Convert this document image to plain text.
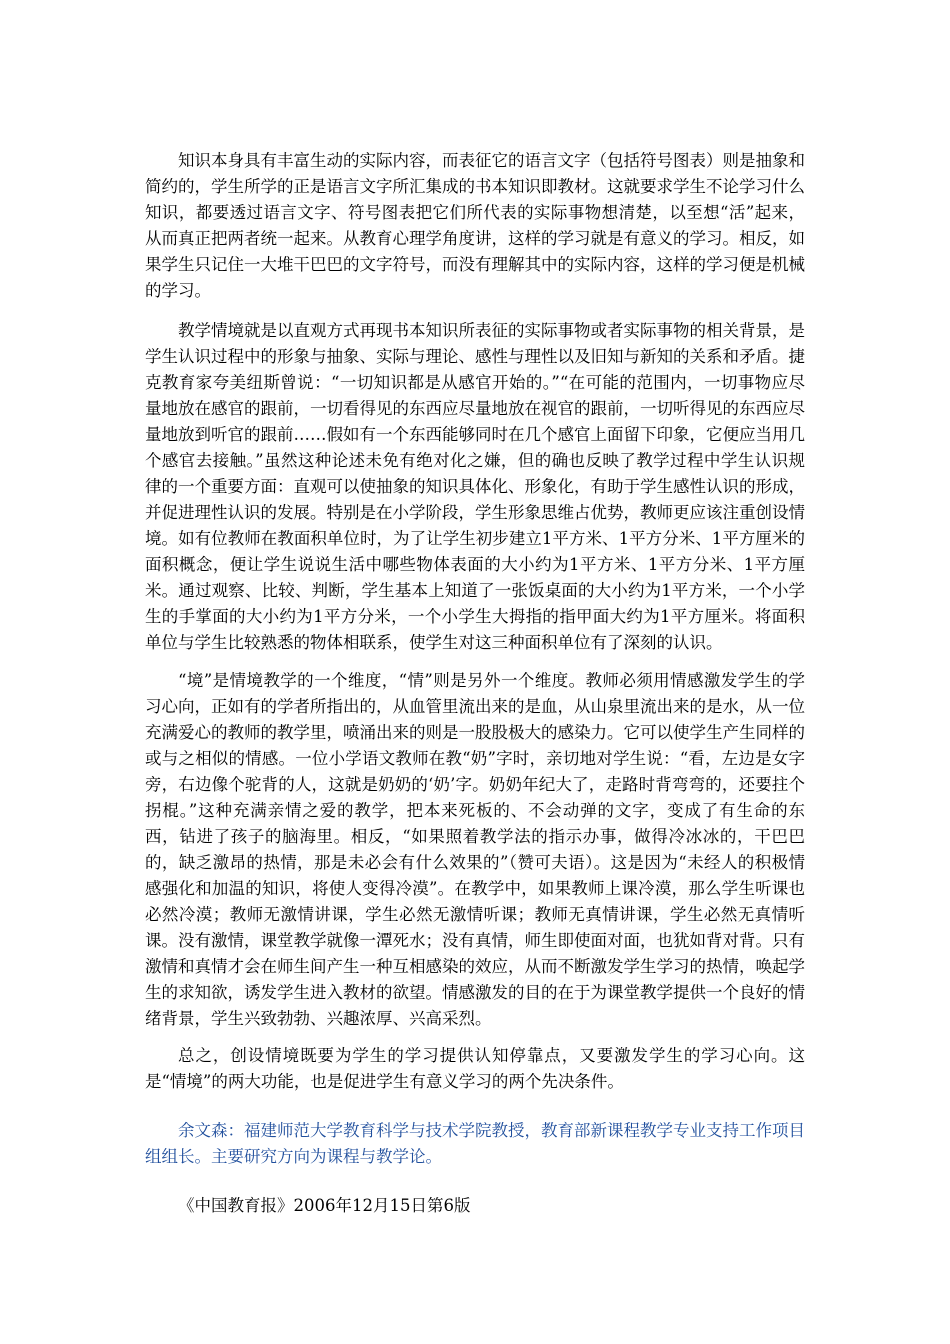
知识本身具有丰富生动的实际内容，而表征它的语言文字（包括符号图表）则是抽象和简约的，学生所学的正是语言文字所汇集成的书本知识即教材。这就要求学生不论学习什么知识，都要透过语言文字、符号图表把它们所代表的实际事物想清楚，以至想“活”起来，从而真正把两者统一起来。从教育心理学角度讲，这样的学习就是有意义的学习。相反，如果学生只记住一大堆干巴巴的文字符号，而没有理解其中的实际内容，这样的学习便是机械的学习。

教学情境就是以直观方式再现书本知识所表征的实际事物或者实际事物的相关背景，是学生认识过程中的形象与抽象、实际与理论、感性与理性以及旧知与新知的关系和矛盾。捷克教育家夸美纽斯曾说：“一切知识都是从感官开始的。”“在可能的范围内，一切事物应尽量地放在感官的跟前，一切看得见的东西应尽量地放在视官的跟前，一切听得见的东西应尽量地放到听官的跟前……假如有一个东西能够同时在几个感官上面留下印象，它便应当用几个感官去接触。”虽然这种论述未免有绝对化之嫌，但的确也反映了教学过程中学生认识规律的一个重要方面：直观可以使抽象的知识具体化、形象化，有助于学生感性认识的形成，并促进理性认识的发展。特别是在小学阶段，学生形象思维占优势，教师更应该注重创设情境。如有位教师在教面积单位时，为了让学生初步建立1平方米、1平方分米、1平方厘米的面积概念，便让学生说说生活中哪些物体表面的大小约为1平方米、1平方分米、1平方厘米。通过观察、比较、判断，学生基本上知道了一张饭桌面的大小约为1平方米，一个小学生的手掌面的大小约为1平方分米，一个小学生大拇指的指甲面大约为1平方厘米。将面积单位与学生比较熟悉的物体相联系，使学生对这三种面积单位有了深刻的认识。

“境”是情境教学的一个维度，“情”则是另外一个维度。教师必须用情感激发学生的学习心向，正如有的学者所指出的，从血管里流出来的是血，从山泉里流出来的是水，从一位充满爱心的教师的教学里，喷涌出来的则是一股股极大的感染力。它可以使学生产生同样的或与之相似的情感。一位小学语文教师在教“奶”字时，亲切地对学生说：“看，左边是女字旁，右边像个驼背的人，这就是奶奶的‘奶’字。奶奶年纪大了，走路时背弯弯的，还要拄个拐棍。”这种充满亲情之爱的教学，把本来死板的、不会动弹的文字，变成了有生命的东西，钻进了孩子的脑海里。相反，“如果照着教学法的指示办事，做得冷冰冰的，干巴巴的，缺乏激昂的热情，那是未必会有什么效果的”（赞可夫语）。这是因为“未经人的积极情感强化和加温的知识，将使人变得冷漠”。在教学中，如果教师上课冷漠，那么学生听课也必然冷漠；教师无激情讲课，学生必然无激情听课；教师无真情讲课，学生必然无真情听课。没有激情，课堂教学就像一潭死水；没有真情，师生即使面对面，也犹如背对背。只有激情和真情才会在师生间产生一种互相感染的效应，从而不断激发学生学习的热情，唤起学生的求知欲，诱发学生进入教材的欲望。情感激发的目的在于为课堂教学提供一个良好的情绪背景，学生兴致勃勃、兴趣浓厚、兴高采烈。

总之，创设情境既要为学生的学习提供认知停靠点，又要激发学生的学习心向。这是“情境”的两大功能，也是促进学生有意义学习的两个先决条件。

余文森：福建师范大学教育科学与技术学院教授，教育部新课程教学专业支持工作项目组组长。主要研究方向为课程与教学论。

《中国教育报》2006年12月15日第6版
